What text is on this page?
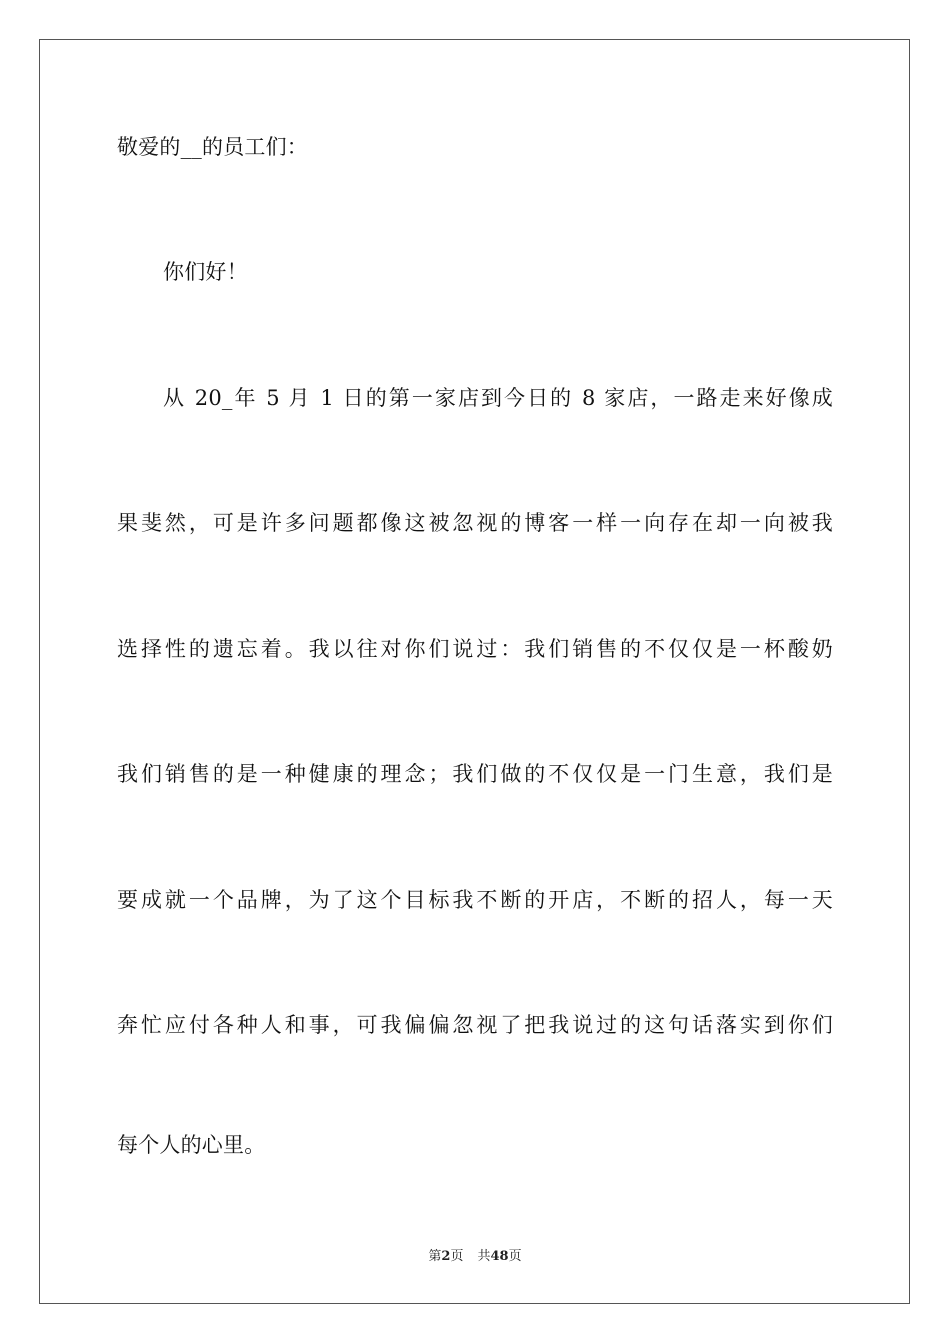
敬爱的__的员工们：
你们好！
从 20_年 5 月 1 日的第一家店到今日的 8 家店，一路走来好像成
果斐然，可是许多问题都像这被忽视的博客一样一向存在却一向被我
选择性的遗忘着。我以往对你们说过：我们销售的不仅仅是一杯酸奶
我们销售的是一种健康的理念；我们做的不仅仅是一门生意，我们是
要成就一个品牌，为了这个目标我不断的开店，不断的招人，每一天
奔忙应付各种人和事，可我偏偏忽视了把我说过的这句话落实到你们
每个人的心里。
第2页 共48页
